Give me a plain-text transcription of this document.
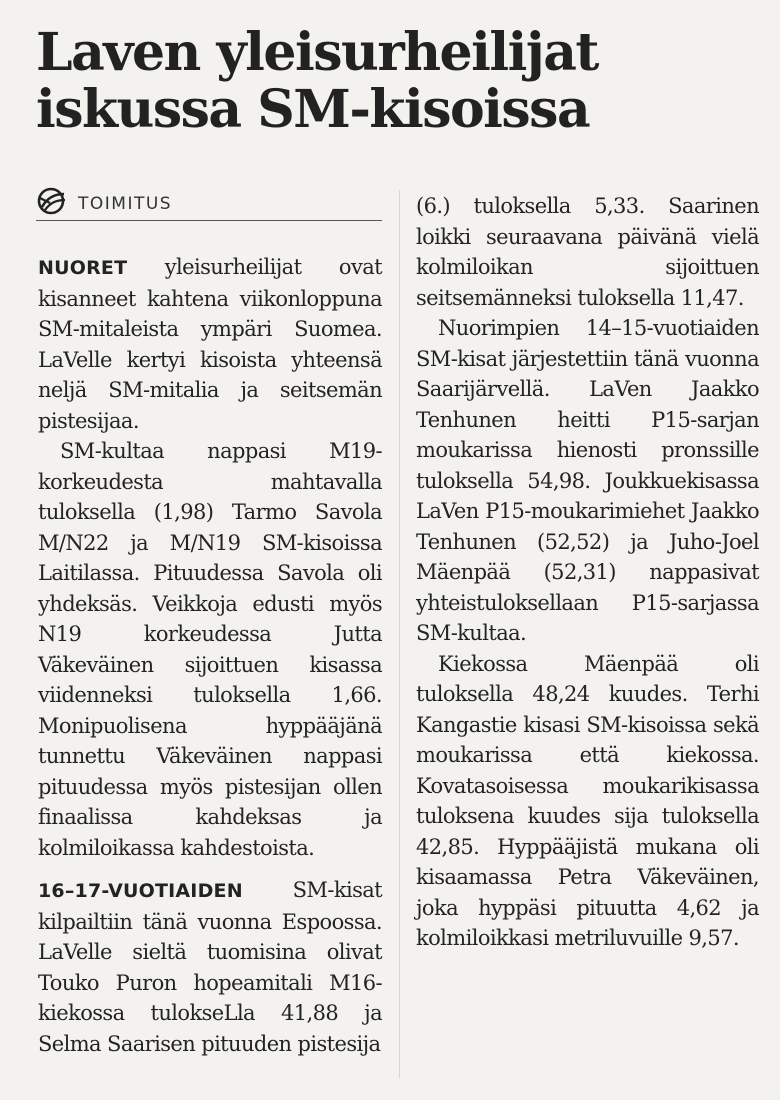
Laven yleisurheilijat
iskussa SM-kisoissa
TOIMITUS

NUORET yleisurheilijat ovat kisanneet kahtena viikonloppuna SM-mitaleista ympäri Suomea. LaVelle kertyi kisoista yhteensä neljä SM-mitalia ja seitsemän pistesijaa.

SM-kultaa nappasi M19-korkeudesta mahtavalla tuloksella (1,98) Tarmo Savola M/N22 ja M/N19 SM-kisoissa Laitilassa. Pituudessa Savola oli yhdeksäs. Veikkoja edusti myös N19 korkeudessa Jutta Väkeväinen sijoittuen kisassa viidenneksi tuloksella 1,66. Monipuolisena hyppääjänä tunnettu Väkeväinen nappasi pituudessa myös pistesijan ollen finaalissa kahdeksas ja kolmiloikassa kahdestoista.

16–17-VUOTIAIDEN SM-kisat kilpailtiin tänä vuonna Espoossa. LaVelle sieltä tuomisina olivat Touko Puron hopeamitali M16-kiekossa tulokseLla 41,88 ja Selma Saarisen pituuden pistesija

(6.) tuloksella 5,33. Saarinen loikki seuraavana päivänä vielä kolmiloikan sijoittuen seitsemänneksi tuloksella 11,47.

Nuorimpien 14–15-vuotiaiden SM-kisat järjestettiin tänä vuonna Saarijärvellä. LaVen Jaakko Tenhunen heitti P15-sarjan moukarissa hienosti pronssille tuloksella 54,98. Joukkuekisassa LaVen P15-moukarimiehet Jaakko Tenhunen (52,52) ja Juho-Joel Mäenpää (52,31) nappasivat yhteistuloksellaan P15-sarjassa SM-kultaa.

Kiekossa Mäenpää oli tuloksella 48,24 kuudes. Terhi Kangastie kisasi SM-kisoissa sekä moukarissa että kiekossa. Kovatasoisessa moukarikisassa tuloksena kuudes sija tuloksella 42,85. Hyppääjistä mukana oli kisaamassa Petra Väkeväinen, joka hyppäsi pituutta 4,62 ja kolmiloikkasi metriluvuille 9,57.
